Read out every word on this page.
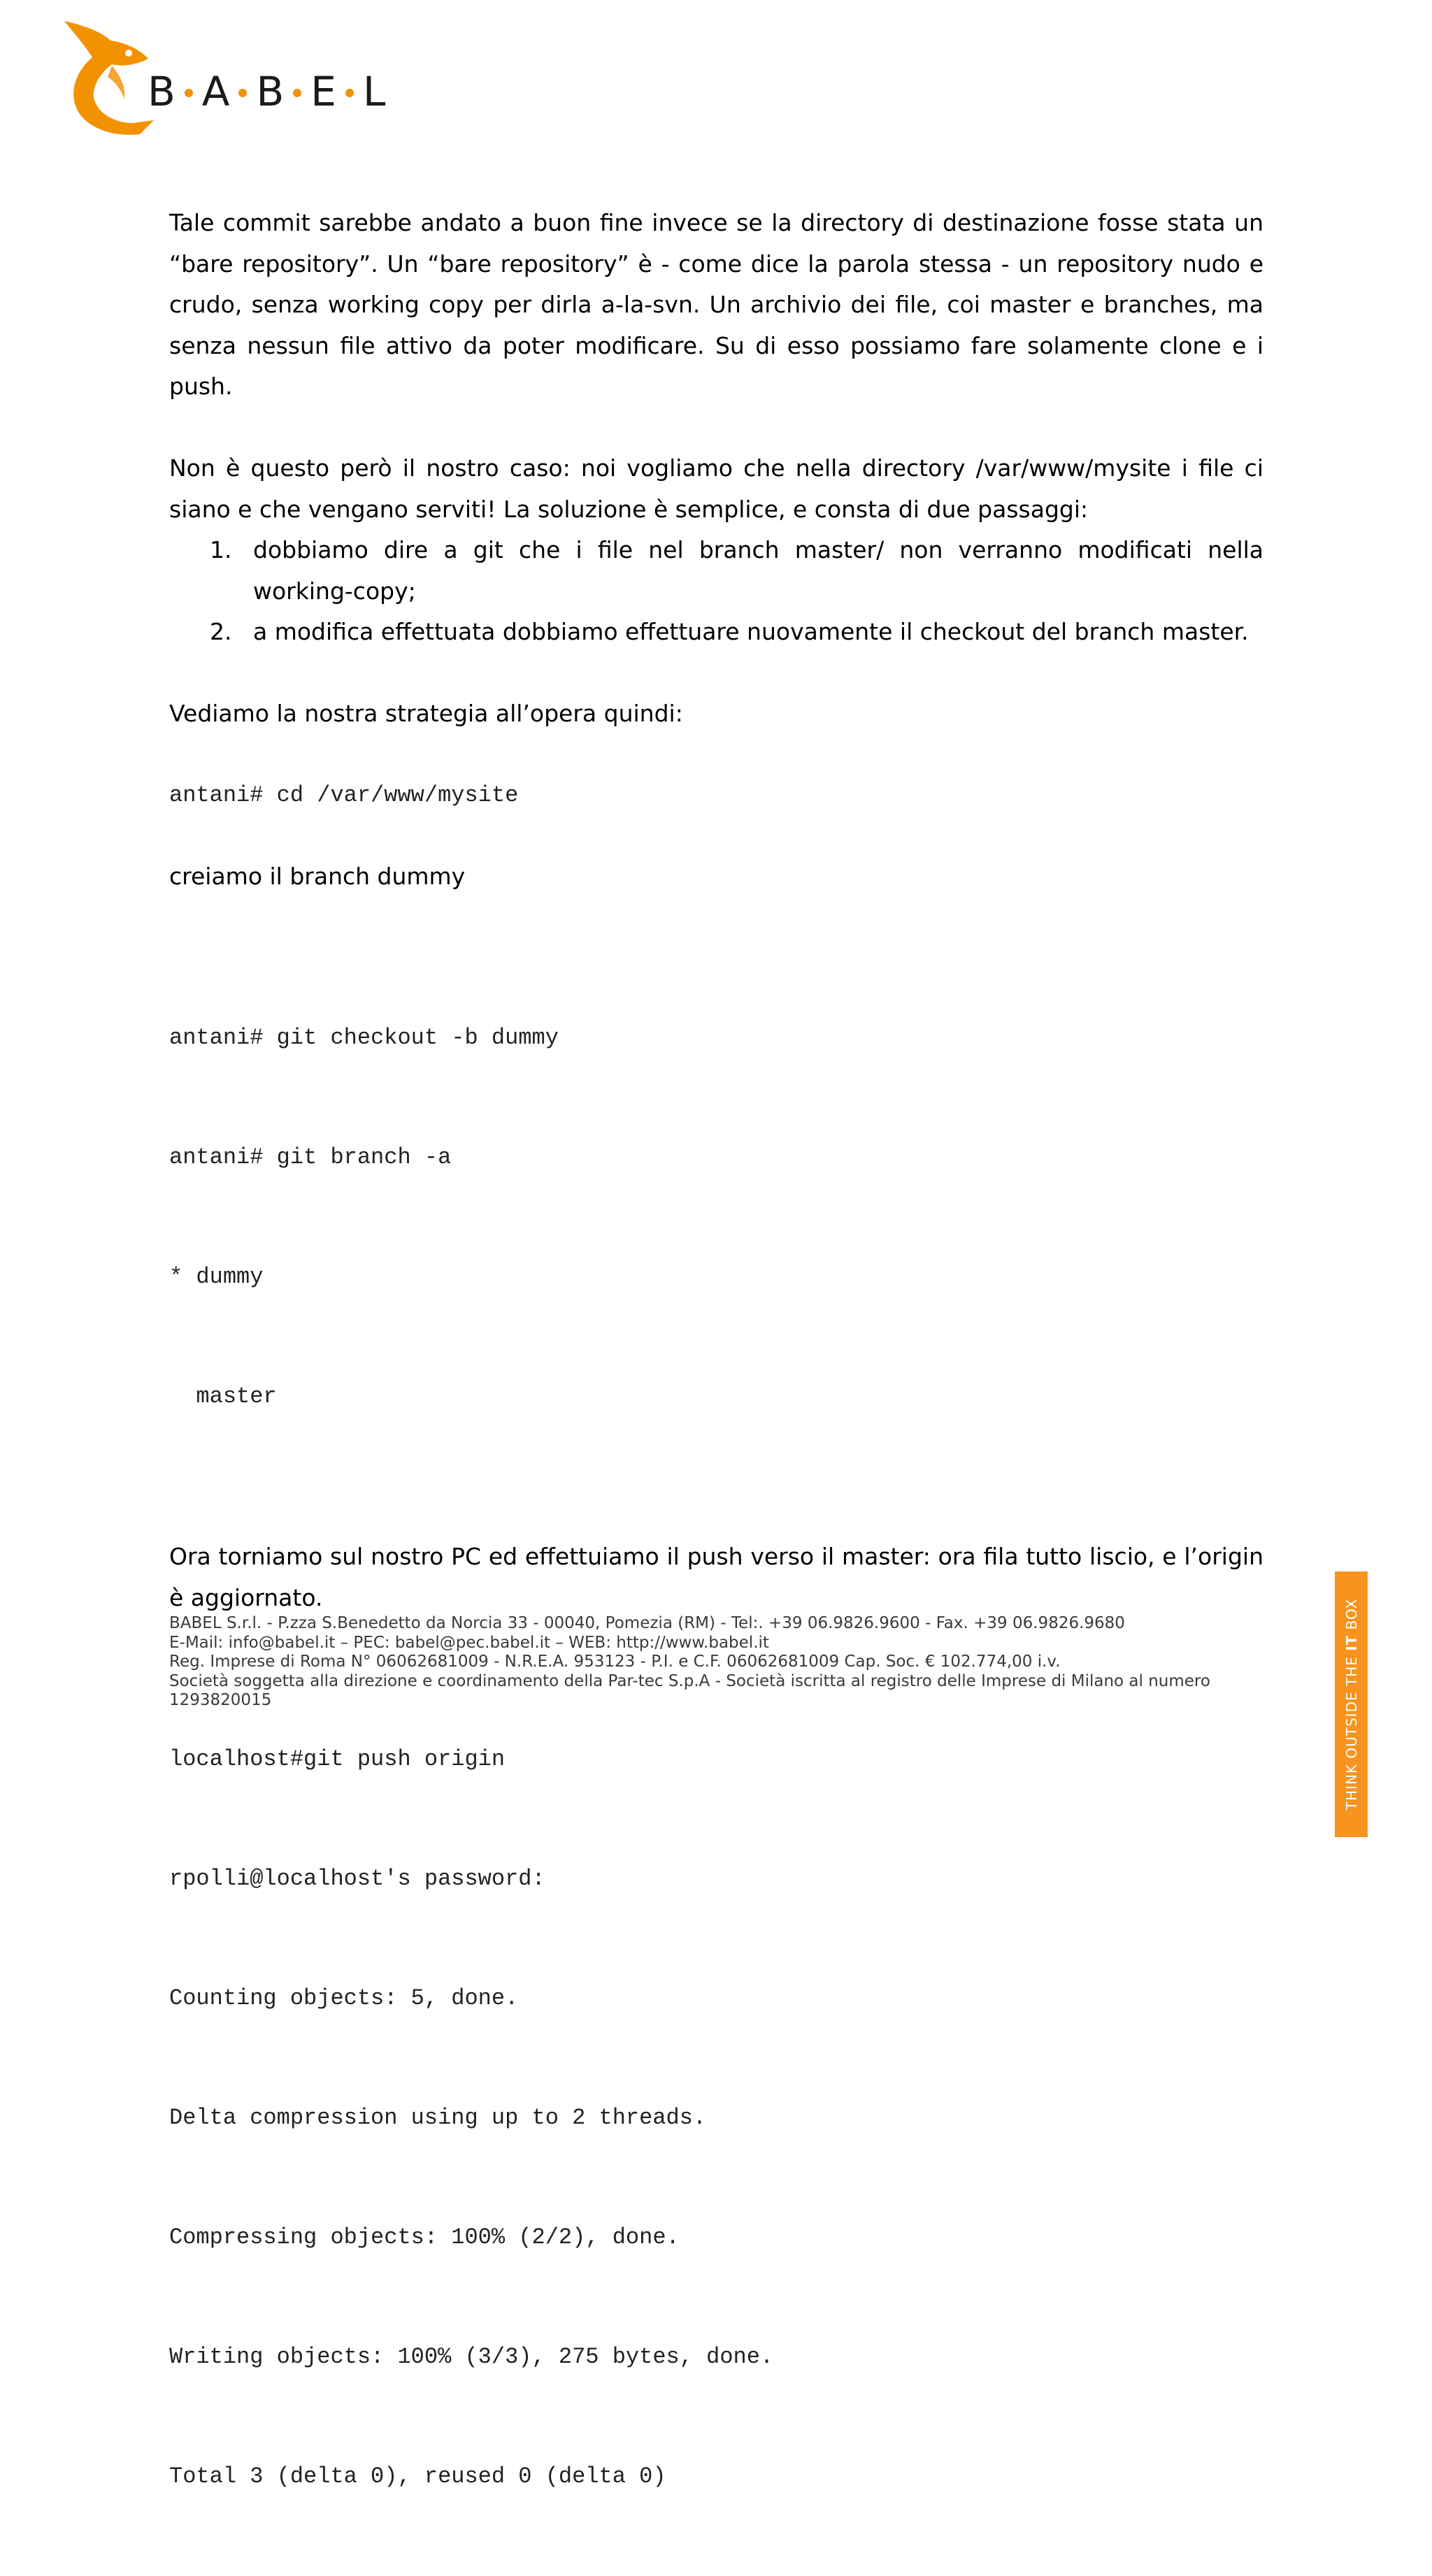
B A B E L

Tale commit sarebbe andato a buon fine invece se la directory di destinazione fosse stata un “bare repository”. Un “bare repository” è - come dice la parola stessa - un repository nudo e crudo, senza working copy per dirla a-la-svn. Un archivio dei file, coi master e branches, ma senza nessun file attivo da poter modificare. Su di esso possiamo fare solamente clone e i push.

Non è questo però il nostro caso: noi vogliamo che nella directory /var/www/mysite i file ci siano e che vengano serviti! La soluzione è semplice, e consta di due passaggi:

1. dobbiamo dire a git che i file nel branch master/ non verranno modificati nella working-copy;
2. a modifica effettuata dobbiamo effettuare nuovamente il checkout del branch master.

Vediamo la nostra strategia all’opera quindi:

antani# cd /var/www/mysite

creiamo il branch dummy

antani# git checkout -b dummy

antani# git branch -a

* dummy

master

Ora torniamo sul nostro PC ed effettuiamo il push verso il master: ora fila tutto liscio, e l’origin è aggiornato.

localhost#git push origin

rpolli@localhost's password:

Counting objects: 5, done.

Delta compression using up to 2 threads.

Compressing objects: 100% (2/2), done.

Writing objects: 100% (3/3), 275 bytes, done.

Total 3 (delta 0), reused 0 (delta 0)

BABEL S.r.l. - P.zza S.Benedetto da Norcia 33 - 00040, Pomezia (RM) - Tel:. +39 06.9826.9600 - Fax. +39 06.9826.9680
E-Mail: info@babel.it – PEC: babel@pec.babel.it – WEB: http://www.babel.it
Reg. Imprese di Roma N° 06062681009 - N.R.E.A. 953123 - P.I. e C.F. 06062681009 Cap. Soc. € 102.774,00 i.v.
Società soggetta alla direzione e coordinamento della Par-tec S.p.A - Società iscritta al registro delle Imprese di Milano al numero 1293820015	THINK OUTSIDE THE IT BOX
